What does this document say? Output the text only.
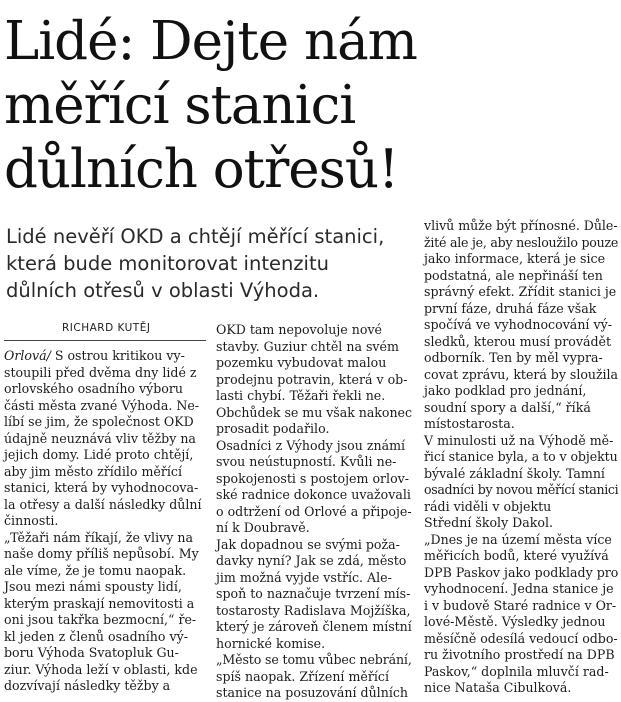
Lidé: Dejte nám
měřící stanici
důlních otřesů!
Lidé nevěří OKD a chtějí měřící stanici,
která bude monitorovat intenzitu
důlních otřesů v oblasti Výhoda.
RICHARD KUTĚJ
Orlová/ S ostrou kritikou vy-
stoupili před dvěma dny lidé z
orlovského osadního výboru
části města zvané Výhoda. Ne-
líbí se jim, že společnost OKD
údajně neuznává vliv těžby na
jejich domy. Lidé proto chtějí,
aby jim město zřídilo měřící
stanici, která by vyhodnocova-
la otřesy a další následky důlní
činnosti.
„Těžaři nám říkají, že vlivy na
naše domy příliš nepůsobí. My
ale víme, že je tomu naopak.
Jsou mezi námi spousty lidí,
kterým praskají nemovitosti a
oni jsou takřka bezmocní,“ ře-
kl jeden z členů osadního vý-
boru Výhoda Svatopluk Gu-
ziur. Výhoda leží v oblasti, kde
dozvívají následky těžby a
OKD tam nepovoluje nové
stavby. Guziur chtěl na svém
pozemku vybudovat malou
prodejnu potravin, která v ob-
lasti chybí. Těžaři řekli ne.
Obchůdek se mu však nakonec
prosadit podařilo.
Osadníci z Výhody jsou známí
svou neústupností. Kvůli ne-
spokojenosti s postojem orlov-
ské radnice dokonce uvažovali
o odtržení od Orlové a připoje-
ní k Doubravě.
Jak dopadnou se svými poža-
davky nyní? Jak se zdá, město
jim možná vyjde vstříc. Ale-
spoň to naznačuje tvrzení mís-
tostarosty Radislava Mojžíška,
který je zároveň členem místní
hornické komise.
„Město se tomu vůbec nebrání,
spíš naopak. Zřízení měřící
stanice na posuzování důlních
vlivů může být přínosné. Důle-
žité ale je, aby nesloužilo pouze
jako informace, která je sice
podstatná, ale nepřináší ten
správný efekt. Zřídit stanici je
první fáze, druhá fáze však
spočívá ve vyhodnocování vý-
sledků, kterou musí provádět
odborník. Ten by měl vypra-
covat zprávu, která by sloužila
jako podklad pro jednání,
soudní spory a další,“ říká
místostarosta.
V minulosti už na Výhodě mě-
řicí stanice byla, a to v objektu
bývalé základní školy. Tamní
osadníci by novou měřící stanici
rádi viděli v objektu
Střední školy Dakol.
„Dnes je na území města více
měřicích bodů, které využívá
DPB Paskov jako podklady pro
vyhodnocení. Jedna stanice je
i v budově Staré radnice v Or-
lové-Městě. Výsledky jednou
měsíčně odesílá vedoucí odbo-
ru životního prostředí na DPB
Paskov,“ doplnila mluvčí rad-
nice Nataša Cibulková.
